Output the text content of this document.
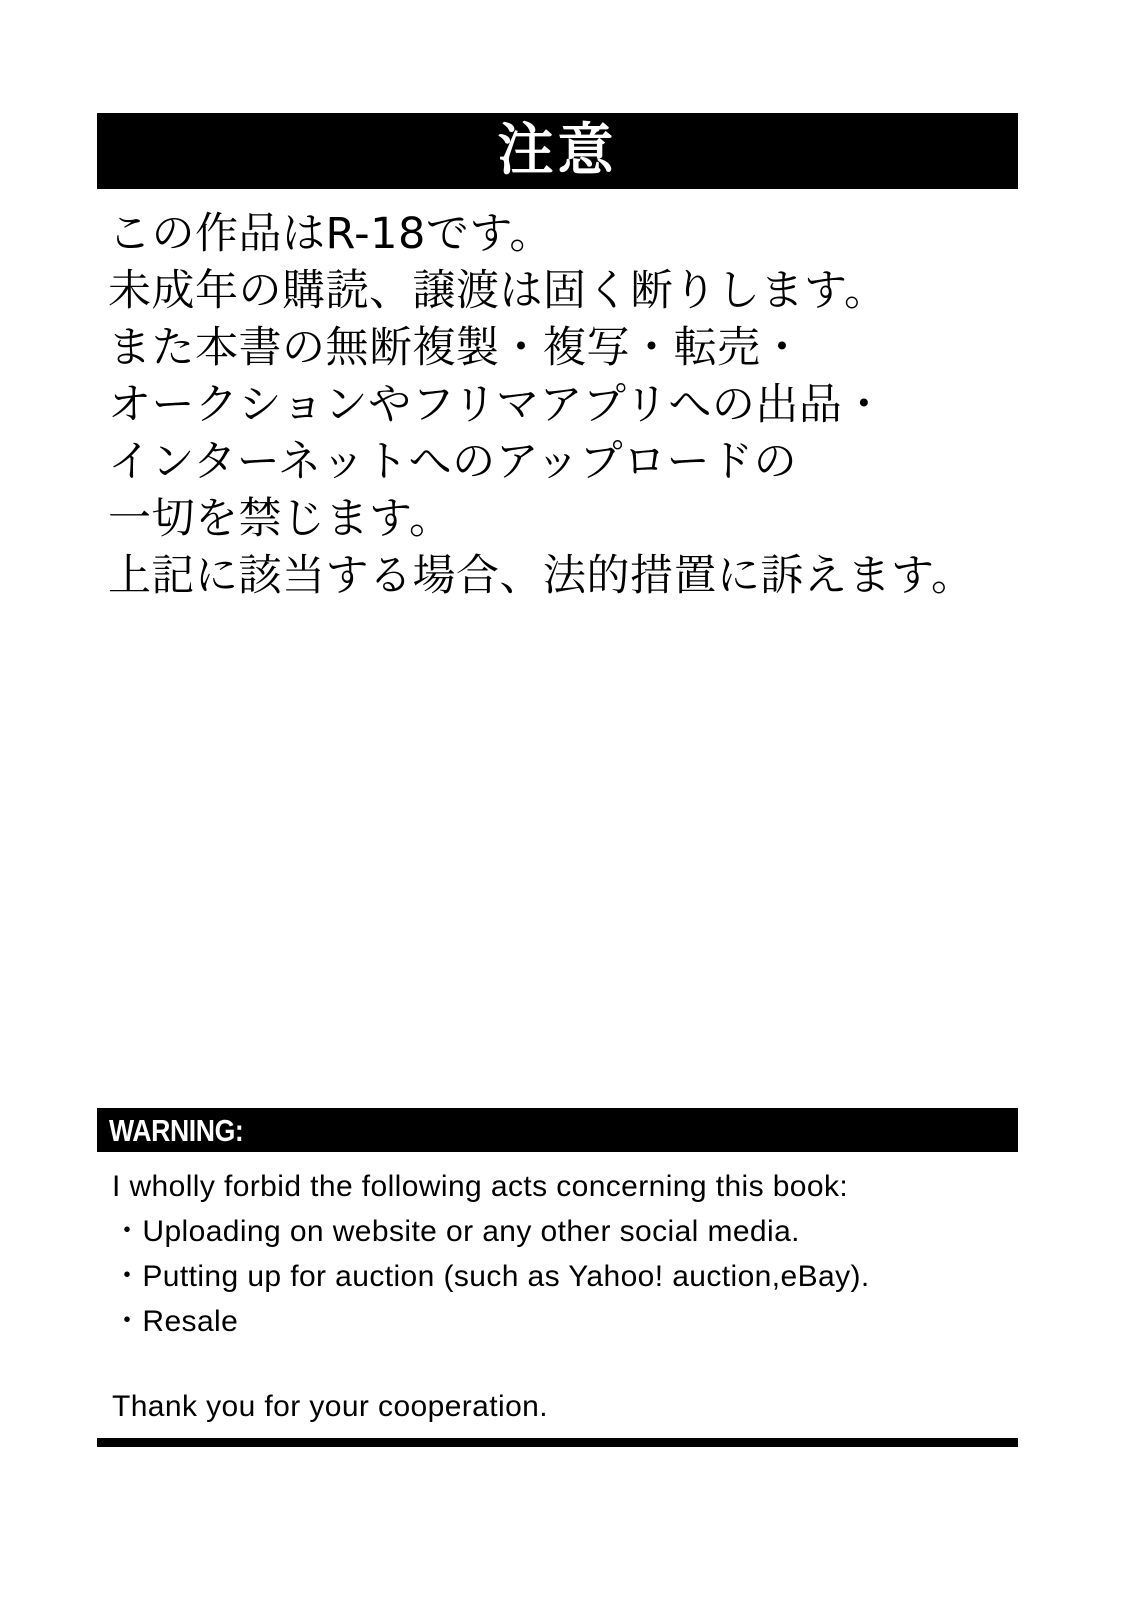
注意
この作品はR-18です。
未成年の購読、譲渡は固く断りします。
また本書の無断複製・複写・転売・
オークションやフリマアプリへの出品・
インターネットへのアップロードの
一切を禁じます。
上記に該当する場合、法的措置に訴えます。
WARNING:
I wholly forbid the following acts concerning this book:
・Uploading on website or any other social media.
・Putting up for auction (such as Yahoo! auction,eBay).
・Resale
Thank you for your cooperation.
